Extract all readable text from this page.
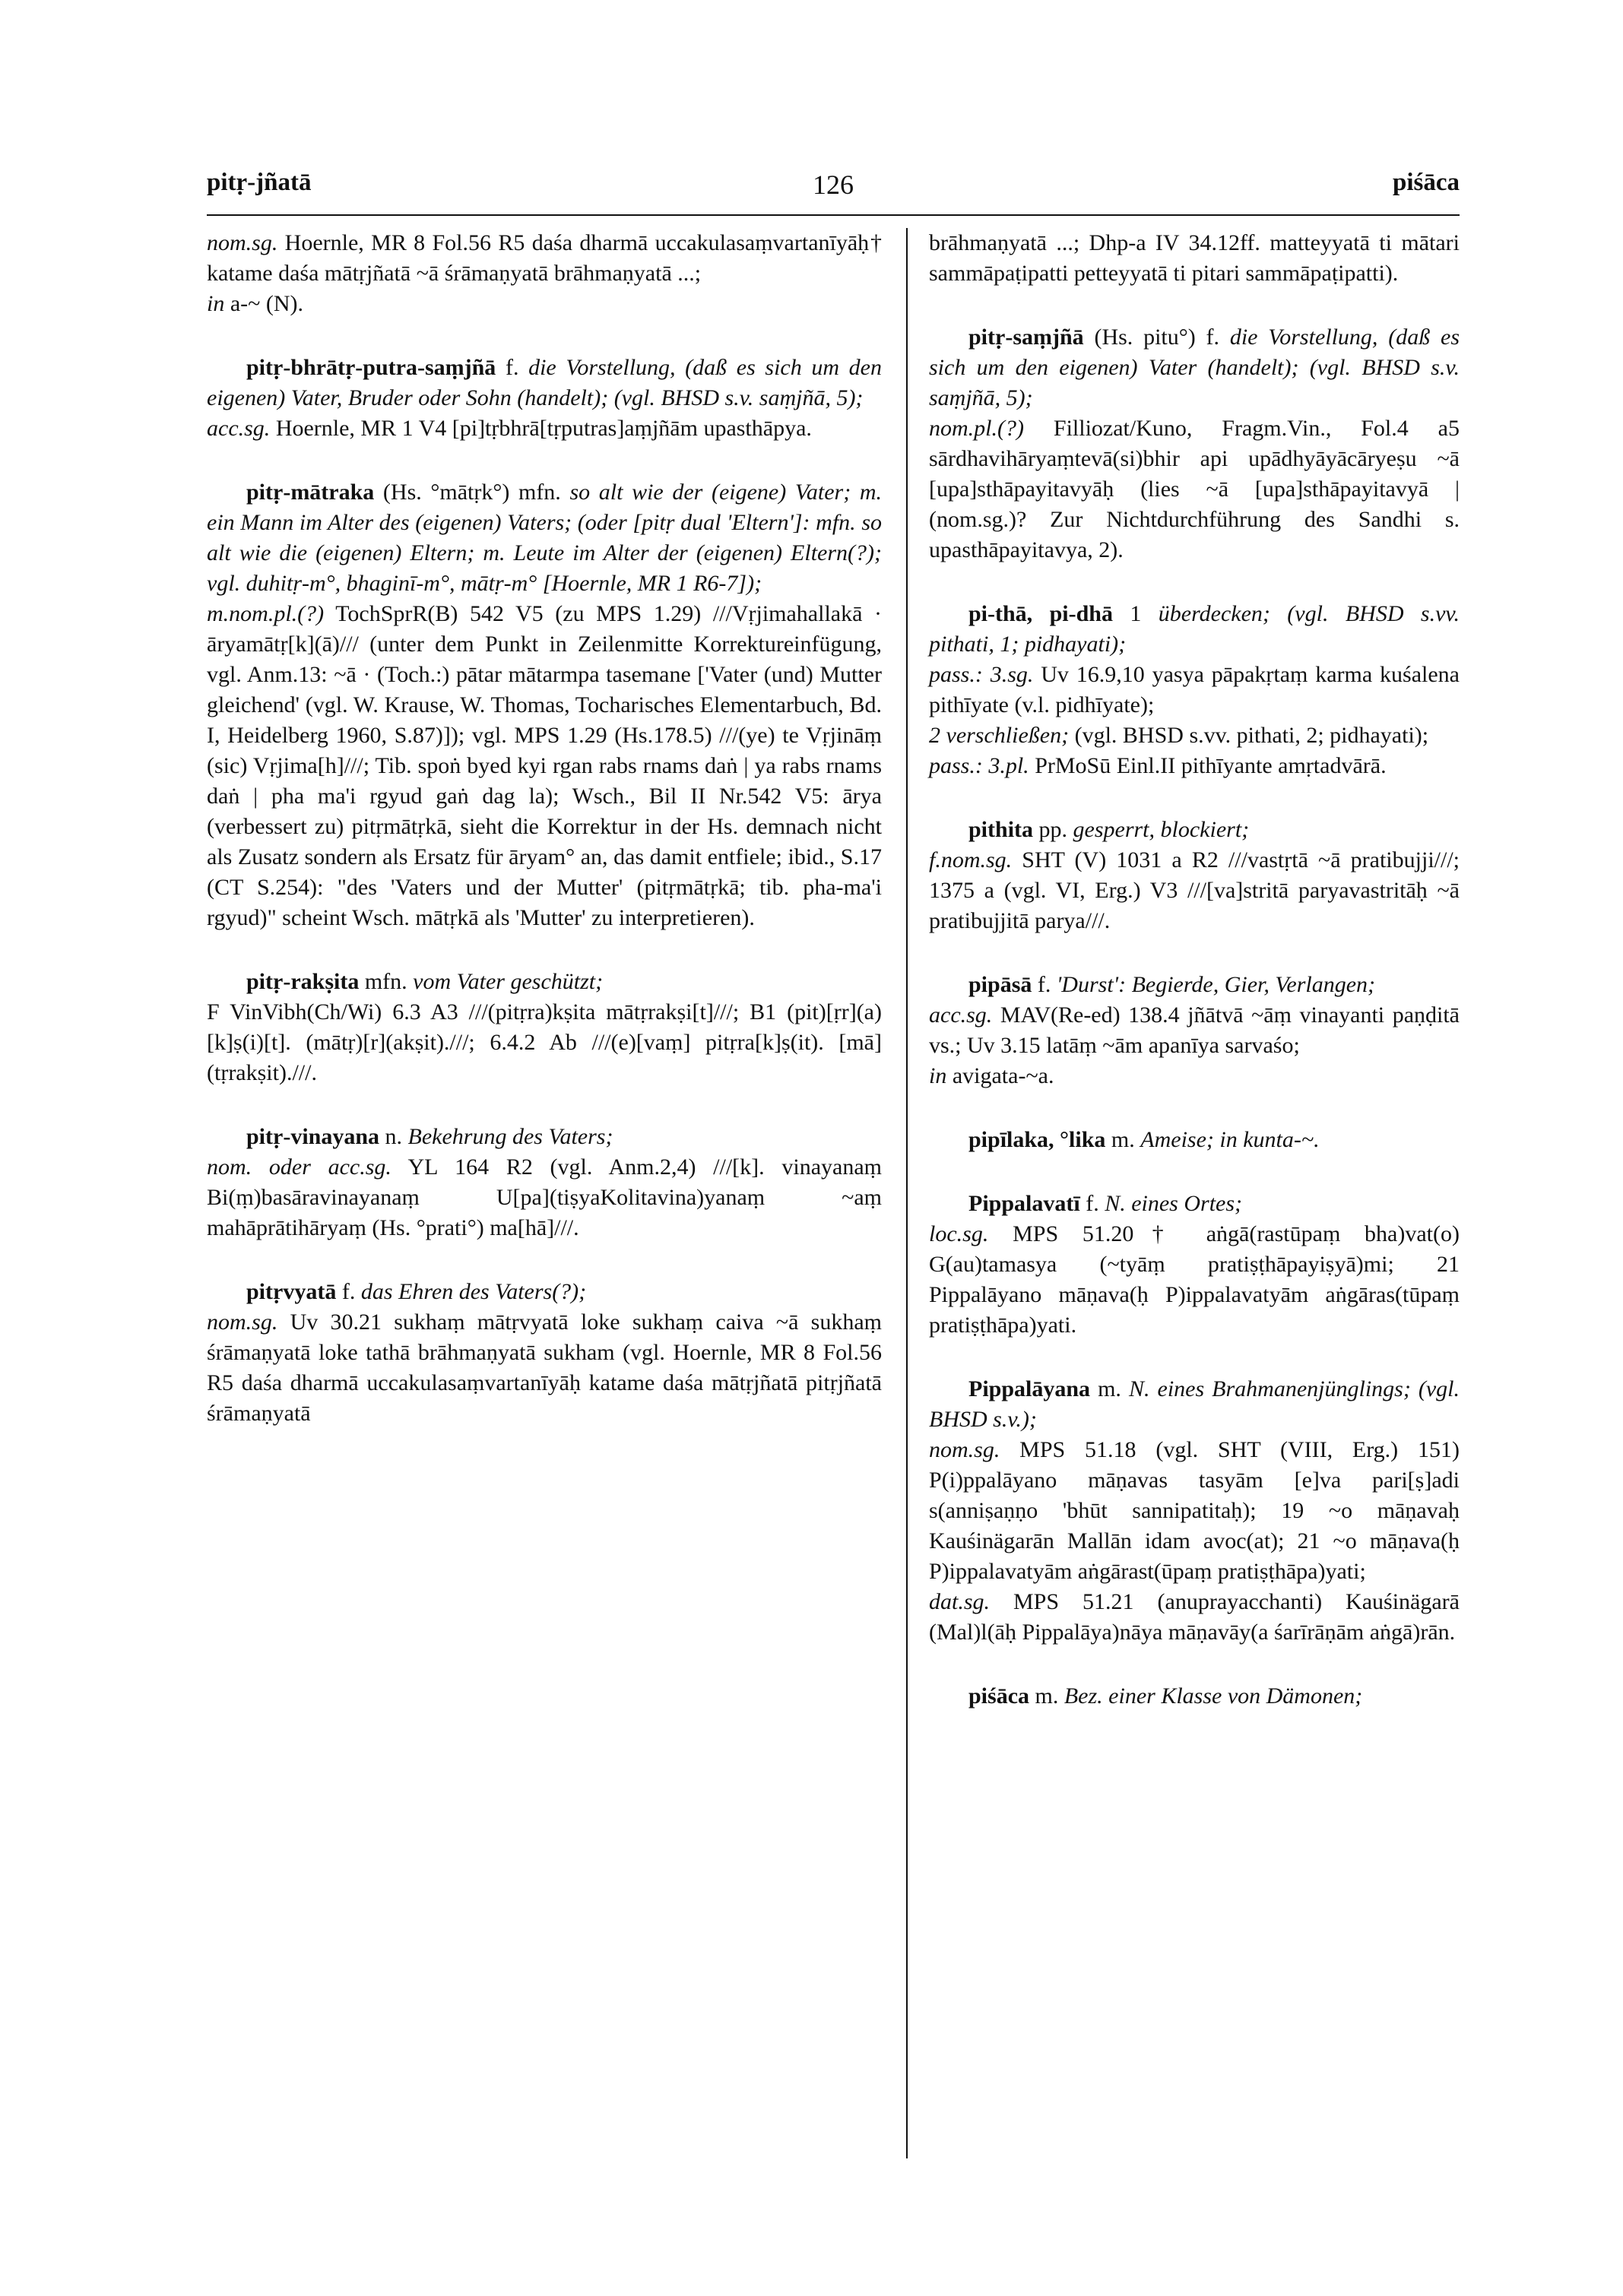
pitṛ-jñatā	126	piśāca

nom.sg. Hoernle, MR 8 Fol.56 R5 daśa dharmā uccakulasaṃvartanīyāḥ† katame daśa mātṛjñatā ~ā śrāmaṇyatā brāhmaṇyatā ...;

in a-~ (N).

pitṛ-bhrātṛ-putra-saṃjñā f. die Vorstellung, (daß es sich um den eigenen) Vater, Bruder oder Sohn (handelt); (vgl. BHSD s.v. saṃjñā, 5);

acc.sg. Hoernle, MR 1 V4 [pi]tṛbhrā[tṛputras]aṃjñām upasthāpya.

pitṛ-mātraka (Hs. °mātṛk°) mfn. so alt wie der (eigene) Vater; m. ein Mann im Alter des (eigenen) Vaters; (oder [pitṛ dual 'Eltern']: mfn. so alt wie die (eigenen) Eltern; m. Leute im Alter der (eigenen) Eltern(?); vgl. duhitṛ-m°, bhaginī-m°, mātṛ-m° [Hoernle, MR 1 R6-7]);

m.nom.pl.(?) TochSprR(B) 542 V5 (zu MPS 1.29) ///Vṛjimahallakā · āryamātṛ[k](ā)/// (unter dem Punkt in Zeilenmitte Korrektureinfügung, vgl. Anm.13: ~ā · (Toch.:) pātar mātarmpa tasemane ['Vater (und) Mutter gleichend' (vgl. W. Krause, W. Thomas, Tocharisches Elementarbuch, Bd. I, Heidelberg 1960, S.87)]); vgl. MPS 1.29 (Hs.178.5) ///(ye) te Vṛjināṃ (sic) Vṛjima[h]///; Tib. spoṅ byed kyi rgan rabs rnams daṅ | ya rabs rnams daṅ | pha ma'i rgyud gaṅ dag la); Wsch., Bil II Nr.542 V5: ārya (verbessert zu) pitṛmātṛkā, sieht die Korrektur in der Hs. demnach nicht als Zusatz sondern als Ersatz für āryam° an, das damit entfiele; ibid., S.17 (CT S.254): "des 'Vaters und der Mutter' (pitṛmātṛkā; tib. pha-ma'i rgyud)" scheint Wsch. mātṛkā als 'Mutter' zu interpretieren).

pitṛ-rakṣita mfn. vom Vater geschützt;

F VinVibh(Ch/Wi) 6.3 A3 ///(pitṛra)kṣita mātṛrakṣi[t]///; B1 (pit)[ṛr](a)[k]ṣ(i)[t]. (mātṛ)[r](akṣit).///; 6.4.2 Ab ///(e)[vaṃ] pitṛra[k]ṣ(it). [mā](tṛrakṣit).///.

pitṛ-vinayana n. Bekehrung des Vaters;

nom. oder acc.sg. YL 164 R2 (vgl. Anm.2,4) ///[k]. vinayanaṃ Bi(ṃ)basāravinayanaṃ U[pa](tiṣyaKolitavina)yanaṃ ~aṃ mahāprātihāryaṃ (Hs. °prati°) ma[hā]///.

pitṛvyatā f. das Ehren des Vaters(?);

nom.sg. Uv 30.21 sukhaṃ mātṛvyatā loke sukhaṃ caiva ~ā sukhaṃ śrāmaṇyatā loke tathā brāhmaṇyatā sukham (vgl. Hoernle, MR 8 Fol.56 R5 daśa dharmā uccakulasaṃvartanīyāḥ katame daśa mātṛjñatā pitṛjñatā śrāmaṇyatā

brāhmaṇyatā ...; Dhp-a IV 34.12ff. matteyyatā ti mātari sammāpaṭipatti petteyyatā ti pitari sammāpaṭipatti).

pitṛ-saṃjñā (Hs. pitu°) f. die Vorstellung, (daß es sich um den eigenen) Vater (handelt); (vgl. BHSD s.v. saṃjñā, 5);

nom.pl.(?) Filliozat/Kuno, Fragm.Vin., Fol.4 a5 sārdhavihāryaṃtevā(si)bhir api upādhyāyācāryeṣu ~ā [upa]sthāpayitavyāḥ (lies ~ā [upa]sthāpayitavyā | (nom.sg.)? Zur Nichtdurchführung des Sandhi s. upasthāpayitavya, 2).

pi-thā, pi-dhā 1 überdecken; (vgl. BHSD s.vv. pithati, 1; pidhayati);

pass.: 3.sg. Uv 16.9,10 yasya pāpakṛtaṃ karma kuśalena pithīyate (v.l. pidhīyate);

2 verschließen; (vgl. BHSD s.vv. pithati, 2; pidhayati);

pass.: 3.pl. PrMoSū Einl.II pithīyante amṛtadvārā.

pithita pp. gesperrt, blockiert;

f.nom.sg. SHT (V) 1031 a R2 ///vastṛtā ~ā pratibujji///; 1375 a (vgl. VI, Erg.) V3 ///[va]stritā paryavastritāḥ ~ā pratibujjitā parya///.

pipāsā f. 'Durst': Begierde, Gier, Verlangen;

acc.sg. MAV(Re-ed) 138.4 jñātvā ~āṃ vinayanti paṇḍitā vs.; Uv 3.15 latāṃ ~ām apanīya sarvaśo;

in avigata-~a.

pipīlaka, °lika m. Ameise; in kunta-~.

Pippalavatī f. N. eines Ortes;

loc.sg. MPS 51.20† aṅgā(rastūpaṃ bha)vat(o) G(au)tamasya (~tyāṃ pratiṣṭhāpayiṣyā)mi; 21 Pippalāyano māṇava(ḥ P)ippalavatyām aṅgāras(tūpaṃ pratiṣṭhāpa)yati.

Pippalāyana m. N. eines Brahmanenjünglings; (vgl. BHSD s.v.);

nom.sg. MPS 51.18 (vgl. SHT (VIII, Erg.) 151) P(i)ppalāyano māṇavas tasyām [e]va pari[ṣ]adi s(anniṣaṇṇo 'bhūt sannipatitaḥ); 19 ~o māṇavaḥ Kauśinägarān Mallān idam avoc(at); 21 ~o māṇava(ḥ P)ippalavatyām aṅgārast(ūpaṃ pratiṣṭhāpa)yati;

dat.sg. MPS 51.21 (anuprayacchanti) Kauśinägarā (Mal)l(āḥ Pippalāya)nāya māṇavāy(a śarīrāṇām aṅgā)rān.

piśāca m. Bez. einer Klasse von Dämonen;
